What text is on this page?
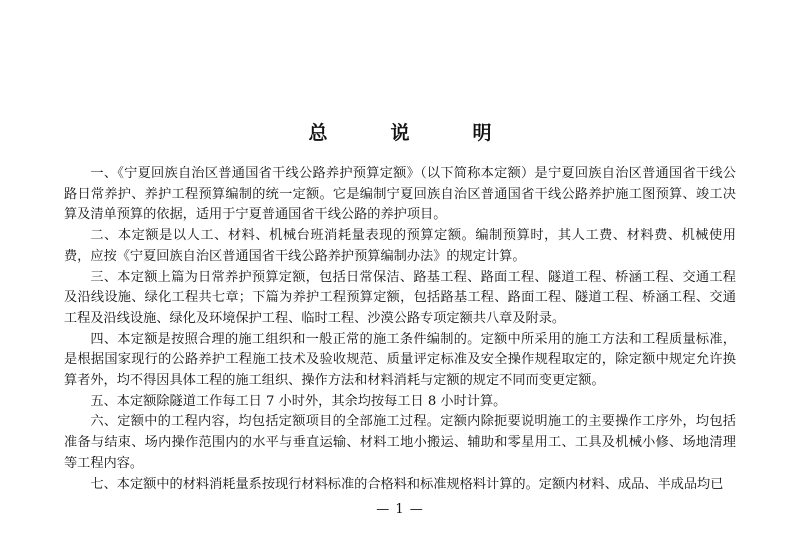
总　说　明

一、《宁夏回族自治区普通国省干线公路养护预算定额》（以下简称本定额）是宁夏回族自治区普通国省干线公路日常养护、养护工程预算编制的统一定额。它是编制宁夏回族自治区普通国省干线公路养护施工图预算、竣工决算及清单预算的依据，适用于宁夏普通国省干线公路的养护项目。

二、本定额是以人工、材料、机械台班消耗量表现的预算定额。编制预算时，其人工费、材料费、机械使用费，应按《宁夏回族自治区普通国省干线公路养护预算编制办法》的规定计算。

三、本定额上篇为日常养护预算定额，包括日常保洁、路基工程、路面工程、隧道工程、桥涵工程、交通工程及沿线设施、绿化工程共七章；下篇为养护工程预算定额，包括路基工程、路面工程、隧道工程、桥涵工程、交通工程及沿线设施、绿化及环境保护工程、临时工程、沙漠公路专项定额共八章及附录。

四、本定额是按照合理的施工组织和一般正常的施工条件编制的。定额中所采用的施工方法和工程质量标准，是根据国家现行的公路养护工程施工技术及验收规范、质量评定标准及安全操作规程取定的，除定额中规定允许换算者外，均不得因具体工程的施工组织、操作方法和材料消耗与定额的规定不同而变更定额。

五、本定额除隧道工作每工日 7 小时外，其余均按每工日 8 小时计算。

六、定额中的工程内容，均包括定额项目的全部施工过程。定额内除扼要说明施工的主要操作工序外，均包括准备与结束、场内操作范围内的水平与垂直运输、材料工地小搬运、辅助和零星用工、工具及机械小修、场地清理等工程内容。

七、本定额中的材料消耗量系按现行材料标准的合格料和标准规格料计算的。定额内材料、成品、半成品均已

— 1 —
